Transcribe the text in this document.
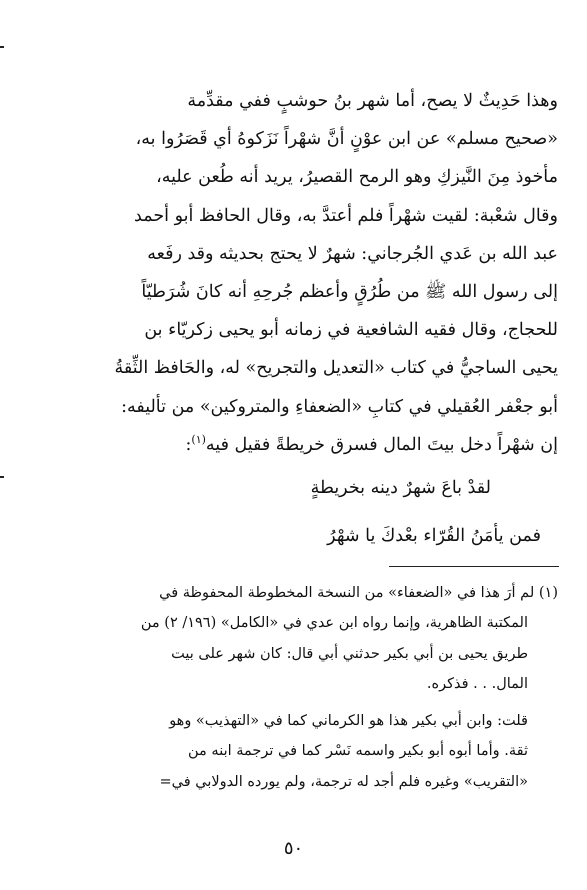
وهذا حَدِيثٌ لا يصح، أما شهر بنُ حوشبٍ ففي مقدِّمة
«صحيح مسلم» عن ابن عوْنٍ أنَّ شهْراً نَزَكوهُ أي قَصَرُوا به،
مأخوذ مِنَ النَّيزكِ وهو الرمح القصيرُ، يريد أنه طُعن عليه،
وقال شعْبة: لقيت شهْراً فلم أعتدَّ به، وقال الحافظ أبو أحمد
عبد الله بن عَدي الجُرجاني: شهرٌ لا يحتج بحديثه وقد رفَعه
إلى رسول الله ﷺ من طُرُقٍ وأعظم جُرحِهِ أنه كانَ شُرَطيّاً
للحجاج، وقال فقيه الشافعية في زمانه أبو يحيى زكريّاء بن
يحيى الساجيُّ في كتاب «التعديل والتجريح» له، والحَافظ الثِّقةُ
أبو جعْفر العُقيلي في كتابِ «الضعفاءِ والمتروكين» من تأليفه:
إن شهْراً دخل بيتَ المال فسرق خريطةً فقيل فيه$^{(١)}$:
لقدْ باعَ شهرٌ دينه بخريطةٍ
فمن يأمَنُ القُرّاء بعْدكَ يا شهْرُ
(١) لم أرَ هذا في «الضعفاء» من النسخة المخطوطة المحفوظة في
المكتبة الظاهرية، وإنما رواه ابن عدي في «الكامل» (١٩٦/ ٢) من
طريق يحيى بن أبي بكير حدثني أبي قال: كان شهر على بيت
المال. . . فذكره.
قلت: وابن أبي بكير هذا هو الكرماني كما في «التهذيب» وهو
ثقة. وأما أبوه أبو بكير واسمه نَسْر كما في ترجمة ابنه من
«التقريب» وغيره فلم أجد له ترجمة، ولم يورده الدولابي في=
٥٠
